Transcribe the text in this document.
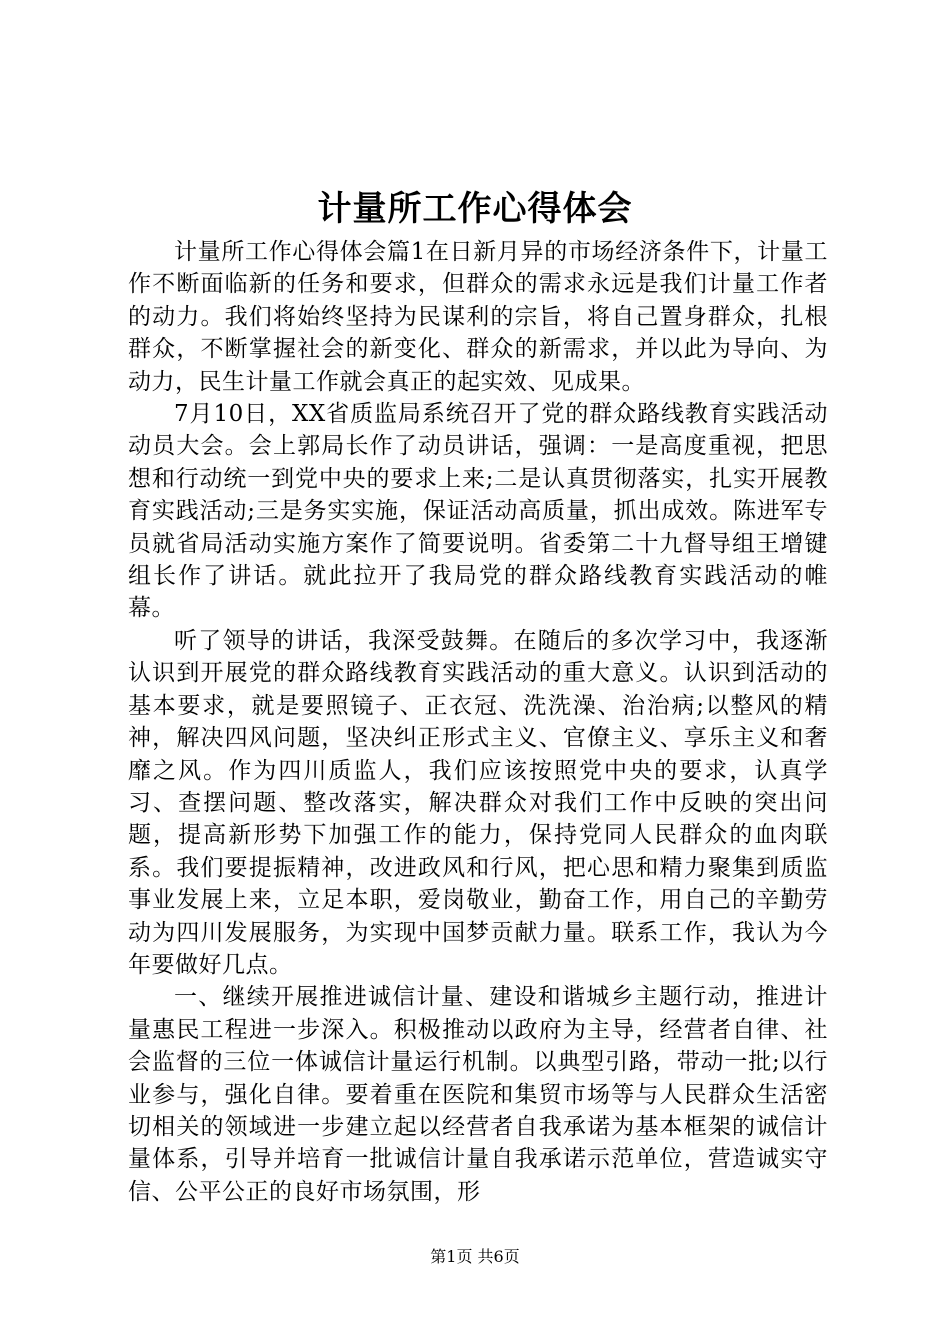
计量所工作心得体会

计量所工作心得体会篇1在日新月异的市场经济条件下，计量工作不断面临新的任务和要求，但群众的需求永远是我们计量工作者的动力。我们将始终坚持为民谋利的宗旨，将自己置身群众，扎根群众，不断掌握社会的新变化、群众的新需求，并以此为导向、为动力，民生计量工作就会真正的起实效、见成果。

7月10日，XX省质监局系统召开了党的群众路线教育实践活动动员大会。会上郭局长作了动员讲话，强调：一是高度重视，把思想和行动统一到党中央的要求上来;二是认真贯彻落实，扎实开展教育实践活动;三是务实实施，保证活动高质量，抓出成效。陈进军专员就省局活动实施方案作了简要说明。省委第二十九督导组王增键组长作了讲话。就此拉开了我局党的群众路线教育实践活动的帷幕。

听了领导的讲话，我深受鼓舞。在随后的多次学习中，我逐渐认识到开展党的群众路线教育实践活动的重大意义。认识到活动的基本要求，就是要照镜子、正衣冠、洗洗澡、治治病;以整风的精神，解决四风问题，坚决纠正形式主义、官僚主义、享乐主义和奢靡之风。作为四川质监人，我们应该按照党中央的要求，认真学习、查摆问题、整改落实，解决群众对我们工作中反映的突出问题，提高新形势下加强工作的能力，保持党同人民群众的血肉联系。我们要提振精神，改进政风和行风，把心思和精力聚集到质监事业发展上来，立足本职，爱岗敬业，勤奋工作，用自己的辛勤劳动为四川发展服务，为实现中国梦贡献力量。联系工作，我认为今年要做好几点。

一、继续开展推进诚信计量、建设和谐城乡主题行动，推进计量惠民工程进一步深入。积极推动以政府为主导，经营者自律、社会监督的三位一体诚信计量运行机制。以典型引路，带动一批;以行业参与，强化自律。要着重在医院和集贸市场等与人民群众生活密切相关的领域进一步建立起以经营者自我承诺为基本框架的诚信计量体系，引导并培育一批诚信计量自我承诺示范单位，营造诚实守信、公平公正的良好市场氛围，形

第1页 共6页
